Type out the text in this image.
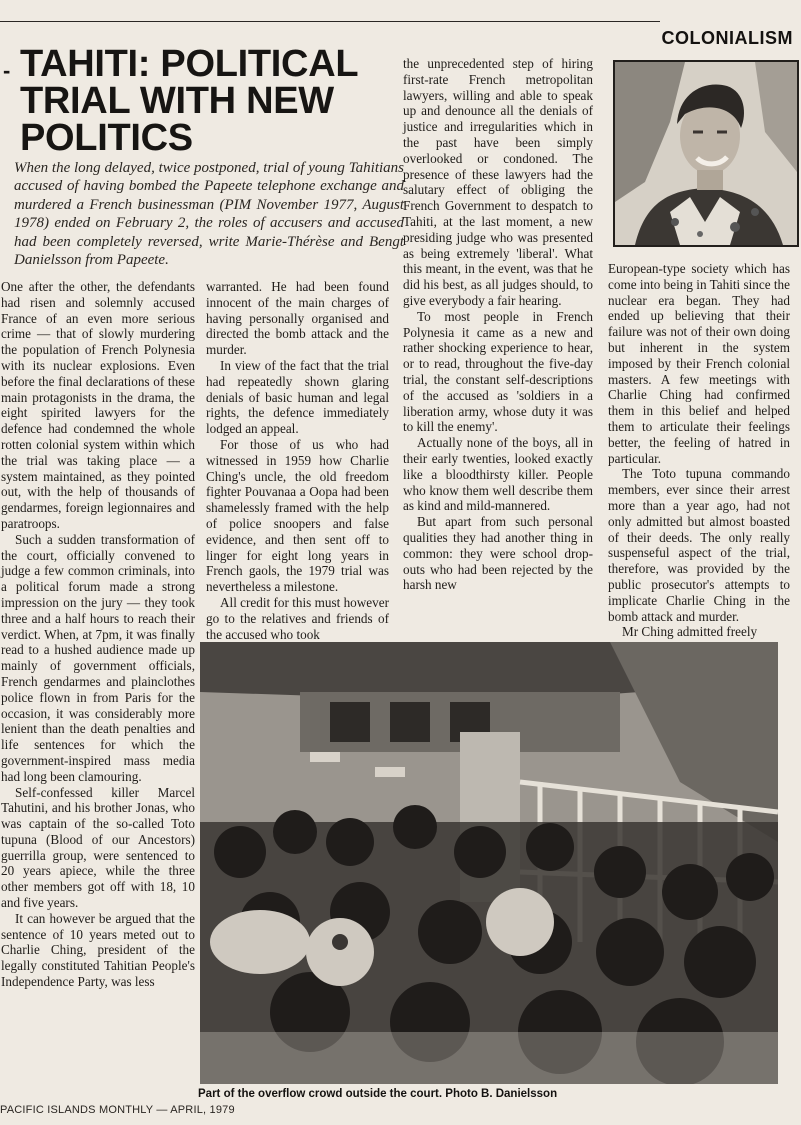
COLONIALISM
- TAHITI: POLITICAL TRIAL WITH NEW POLITICS

When the long delayed, twice postponed, trial of young Tahitians accused of having bombed the Papeete telephone exchange and murdered a French businessman (PIM November 1977, August 1978) ended on February 2, the roles of accusers and accused had been completely reversed, write Marie-Thérèse and Bengt Danielsson from Papeete.

One after the other, the defendants had risen and solemnly accused France of an even more serious crime — that of slowly murdering the population of French Polynesia with its nuclear explosions. Even before the final declarations of these main protagonists in the drama, the eight spirited lawyers for the defence had condemned the whole rotten colonial system within which the trial was taking place — a system maintained, as they pointed out, with the help of thousands of gendarmes, foreign legionnaires and paratroops.

Such a sudden transformation of the court, officially convened to judge a few common criminals, into a political forum made a strong impression on the jury — they took three and a half hours to reach their verdict. When, at 7pm, it was finally read to a hushed audience made up mainly of government officials, French gendarmes and plainclothes police flown in from Paris for the occasion, it was considerably more lenient than the death penalties and life sentences for which the government-inspired mass media had long been clamouring.

Self-confessed killer Marcel Tahutini, and his brother Jonas, who was captain of the so-called Toto tupuna (Blood of our Ancestors) guerrilla group, were sentenced to 20 years apiece, while the three other members got off with 18, 10 and five years.

It can however be argued that the sentence of 10 years meted out to Charlie Ching, president of the legally constituted Tahitian People's Independence Party, was less

warranted. He had been found innocent of the main charges of having personally organised and directed the bomb attack and the murder.

In view of the fact that the trial had repeatedly shown glaring denials of basic human and legal rights, the defence immediately lodged an appeal.

For those of us who had witnessed in 1959 how Charlie Ching's uncle, the old freedom fighter Pouvanaa a Oopa had been shamelessly framed with the help of police snoopers and false evidence, and then sent off to linger for eight long years in French gaols, the 1979 trial was nevertheless a milestone.

All credit for this must however go to the relatives and friends of the accused who took

the unprecedented step of hiring first-rate French metropolitan lawyers, willing and able to speak up and denounce all the denials of justice and irregularities which in the past have been simply overlooked or condoned. The presence of these lawyers had the salutary effect of obliging the French Government to despatch to Tahiti, at the last moment, a new presiding judge who was presented as being extremely 'liberal'. What this meant, in the event, was that he did his best, as all judges should, to give everybody a fair hearing.

To most people in French Polynesia it came as a new and rather shocking experience to hear, or to read, throughout the five-day trial, the constant self-descriptions of the accused as 'soldiers in a liberation army, whose duty it was to kill the enemy'.

Actually none of the boys, all in their early twenties, looked exactly like a bloodthirsty killer. People who know them well describe them as kind and mild-mannered.

But apart from such personal qualities they had another thing in common: they were school drop-outs who had been rejected by the harsh new

European-type society which has come into being in Tahiti since the nuclear era began. They had ended up believing that their failure was not of their own doing but inherent in the system imposed by their French colonial masters. A few meetings with Charlie Ching had confirmed them in this belief and helped them to articulate their feelings better, the feeling of hatred in particular.

The Toto tupuna commando members, ever since their arrest more than a year ago, had not only admitted but almost boasted of their deeds. The only really suspenseful aspect of the trial, therefore, was provided by the public prosecutor's attempts to implicate Charlie Ching in the bomb attack and murder.

Mr Ching admitted freely

Part of the overflow crowd outside the court. Photo B. Danielsson
PACIFIC ISLANDS MONTHLY — APRIL, 1979
